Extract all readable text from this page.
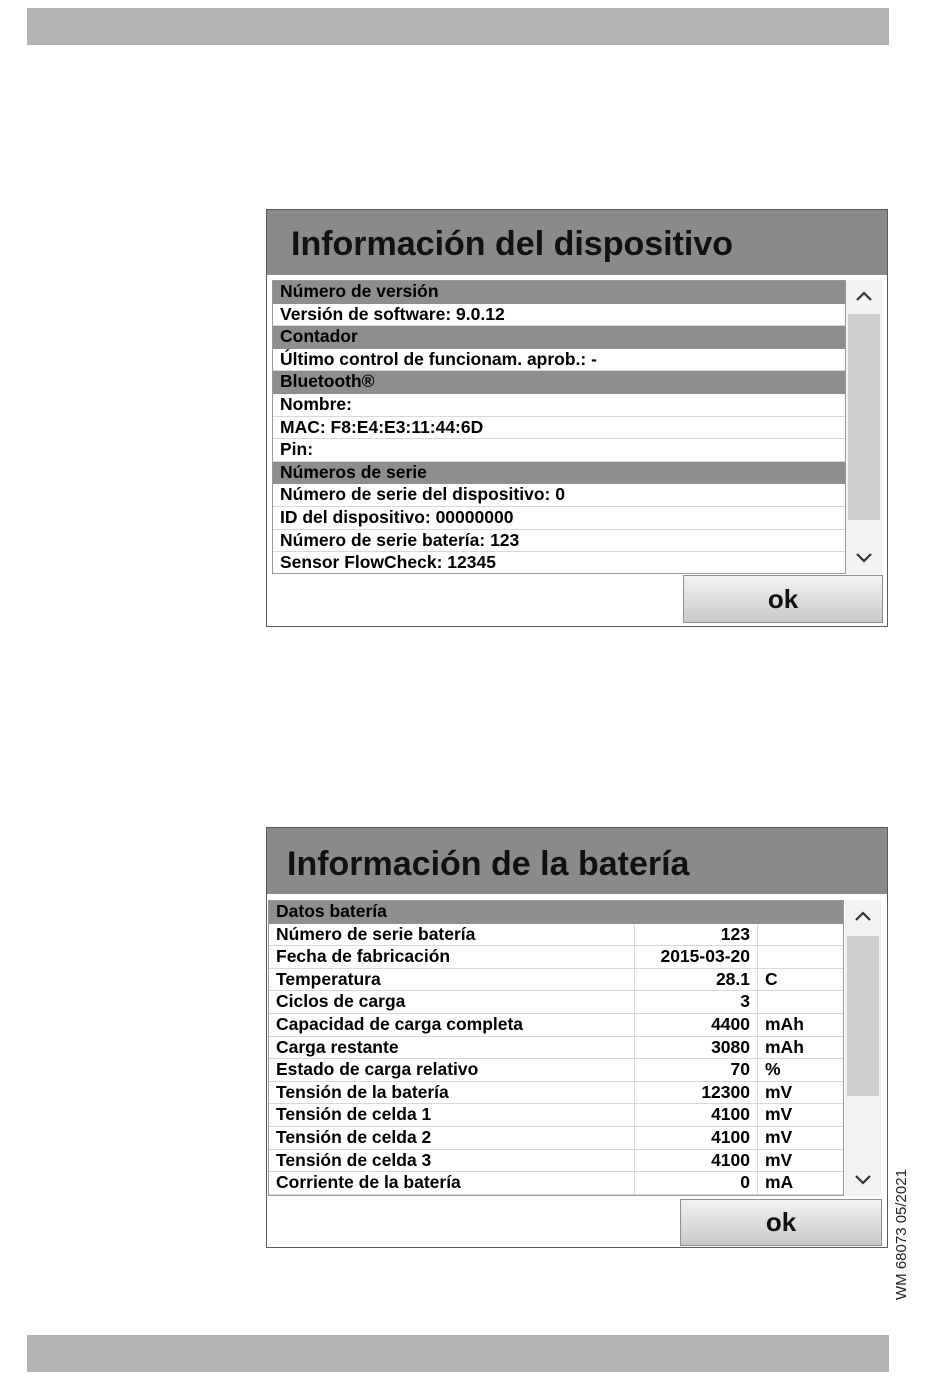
Información del dispositivo
Número de versión
Versión de software: 9.0.12
Contador
Último control de funcionam. aprob.: -
Bluetooth®
Nombre:
MAC: F8:E4:E3:11:44:6D
Pin:
Números de serie
Número de serie del dispositivo: 0
ID del dispositivo: 00000000
Número de serie batería: 123
Sensor FlowCheck: 12345
ok
Información de la batería
Datos batería
Número de serie batería	123
Fecha de fabricación	2015-03-20
Temperatura	28.1 C
Ciclos de carga	3
Capacidad de carga completa	4400 mAh
Carga restante	3080 mAh
Estado de carga relativo	70 %
Tensión de la batería	12300 mV
Tensión de celda 1	4100 mV
Tensión de celda 2	4100 mV
Tensión de celda 3	4100 mV
Corriente de la batería	0 mA
ok	WM 68073 05/2021
